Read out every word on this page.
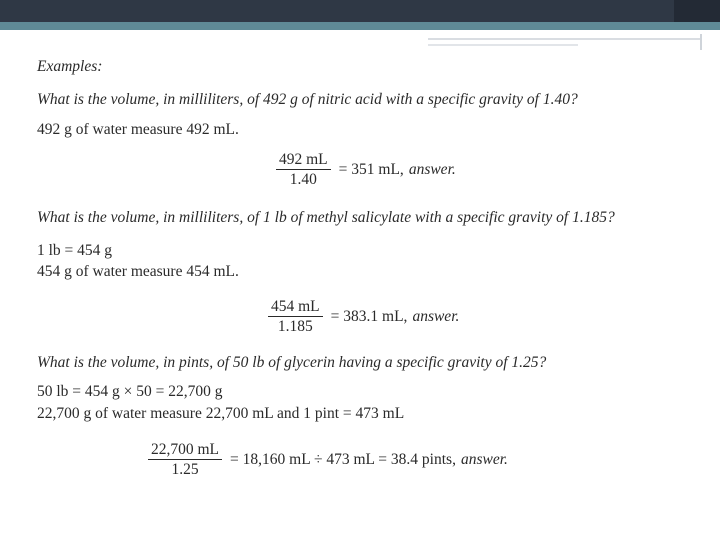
Examples:
What is the volume, in milliliters, of 492 g of nitric acid with a specific gravity of 1.40?
492 g of water measure 492 mL.
$\frac{492 mL}{1.40} = 351$ mL, answer.
What is the volume, in milliliters, of 1 lb of methyl salicylate with a specific gravity of 1.185?
1 lb = 454 g
454 g of water measure 454 mL.
$\frac{454 mL}{1.185} = 383.1$ mL, answer.
What is the volume, in pints, of 50 lb of glycerin having a specific gravity of 1.25?
50 lb = 454 g × 50 = 22,700 g
22,700 g of water measure 22,700 mL and 1 pint = 473 mL
$\frac{22,700 mL}{1.25} = 18,160$ mL ÷ 473 mL = 38.4 pints, answer.
